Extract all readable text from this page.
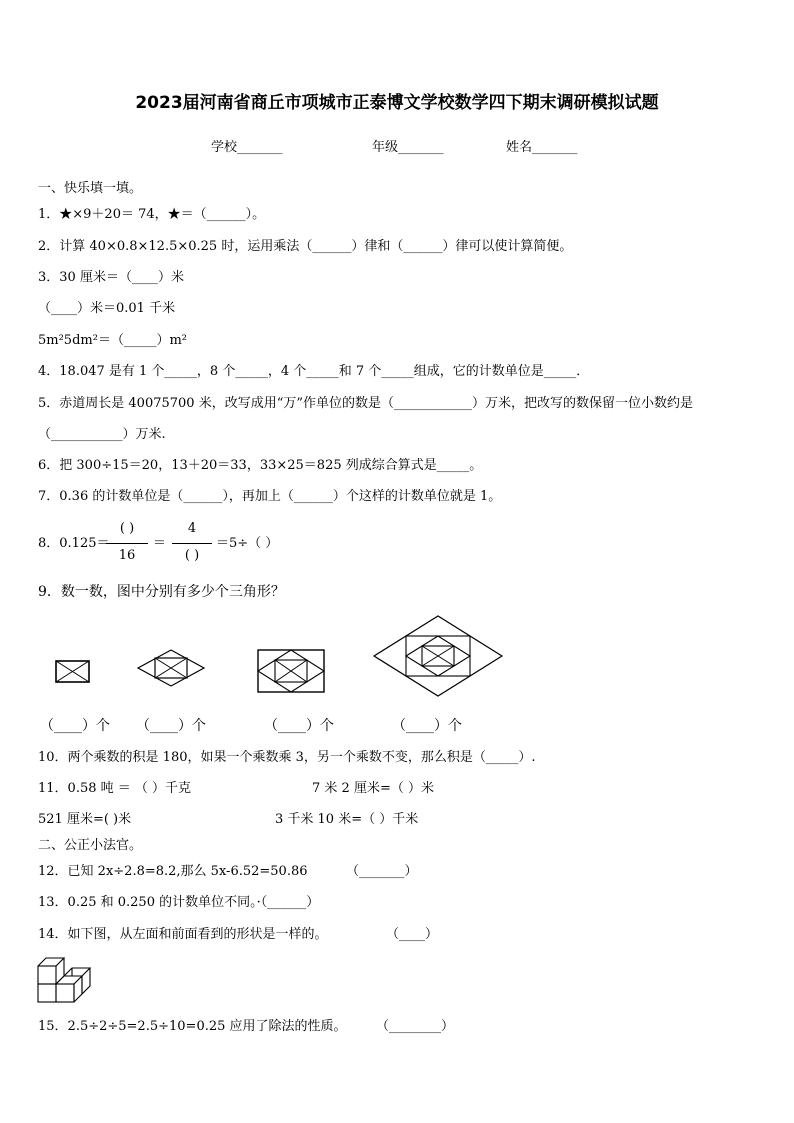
2023届河南省商丘市项城市正泰博文学校数学四下期末调研模拟试题
学校_______	年级_______	姓名_______
一、快乐填一填。
1．★×9＋20＝ 74，★＝（______）。
2．计算 40×0.8×12.5×0.25 时，运用乘法（______）律和（______）律可以使计算简便。
3．30 厘米＝（____）米
（____）米＝0.01 千米
5m²5dm²＝（_____）m²
4．18.047 是有 1 个_____，8 个_____，4 个_____和 7 个_____组成，它的计数单位是_____．
5．赤道周长是 40075700 米，改写成用“万”作单位的数是（____________）万米，把改写的数保留一位小数约是
（___________）万米.
6．把 300÷15＝20，13＋20＝33，33×25＝825 列成综合算式是_____。
7．0.36 的计数单位是（______），再加上（______）个这样的计数单位就是 1。
8．0.125＝
( )
16
＝
4
( )
＝5÷（ ）
9．数一数，图中分别有多少个三角形？
（____）个 （____）个	（____）个	（____）个
10．两个乘数的积是 180，如果一个乘数乘 3，另一个乘数不变，那么积是（_____）.
11．0.58 吨 ＝ （ ）千克	7 米 2 厘米=（ ）米
521 厘米=( )米	3 千米 10 米=（ ）千米
二、公正小法官。
12．已知 2x÷2.8=8.2,那么 5x-6.52=50.86	（_______）
13．0.25 和 0.250 的计数单位不同。·（______）
14．如下图，从左面和前面看到的形状是一样的。	（____）
15．2.5÷2÷5=2.5÷10=0.25 应用了除法的性质。 （________）
